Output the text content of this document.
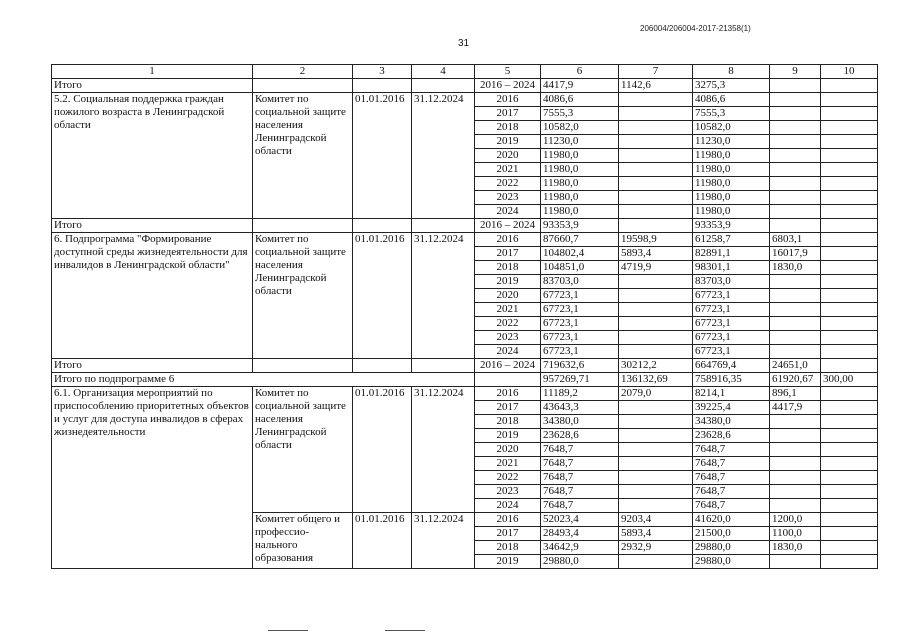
206004/206004-2017-21358(1)
31
1	2	3	4	5	6	7	8	9	10
Итого				2016 – 2024	4417,9	1142,6	3275,3		
5.2. Социальная поддержка граждан пожилого возраста в Ленинградской области	Комитет по социальной защите населения Ленинградской области	01.01.2016	31.12.2024	2016	4086,6		4086,6		
				2017	7555,3		7555,3		
				2018	10582,0		10582,0		
				2019	11230,0		11230,0		
				2020	11980,0		11980,0		
				2021	11980,0		11980,0		
				2022	11980,0		11980,0		
				2023	11980,0		11980,0		
				2024	11980,0		11980,0		
Итого				2016 – 2024	93353,9		93353,9		
6. Подпрограмма "Формирование доступной среды жизнедеятельности для инвалидов в Ленинградской области"	Комитет по социальной защите населения Ленинградской области	01.01.2016	31.12.2024	2016	87660,7	19598,9	61258,7	6803,1	
				2017	104802,4	5893,4	82891,1	16017,9	
				2018	104851,0	4719,9	98301,1	1830,0	
				2019	83703,0		83703,0		
				2020	67723,1		67723,1		
				2021	67723,1		67723,1		
				2022	67723,1		67723,1		
				2023	67723,1		67723,1		
				2024	67723,1		67723,1		
Итого				2016 – 2024	719632,6	30212,2	664769,4	24651,0	
Итого по подпрограмме 6					957269,71	136132,69	758916,35	61920,67	300,00
6.1. Организация мероприятий по приспособлению приоритетных объектов и услуг для доступа инвалидов в сферах жизнедеятельности	Комитет по социальной защите населения Ленинградской области	01.01.2016	31.12.2024	2016	11189,2	2079,0	8214,1	896,1	
				2017	43643,3		39225,4	4417,9	
				2018	34380,0		34380,0		
				2019	23628,6		23628,6		
				2020	7648,7		7648,7		
				2021	7648,7		7648,7		
				2022	7648,7		7648,7		
				2023	7648,7		7648,7		
				2024	7648,7		7648,7		
	Комитет общего и профессио- нального образования	01.01.2016	31.12.2024	2016	52023,4	9203,4	41620,0	1200,0	
				2017	28493,4	5893,4	21500,0	1100,0	
				2018	34642,9	2932,9	29880,0	1830,0	
				2019	29880,0		29880,0		
